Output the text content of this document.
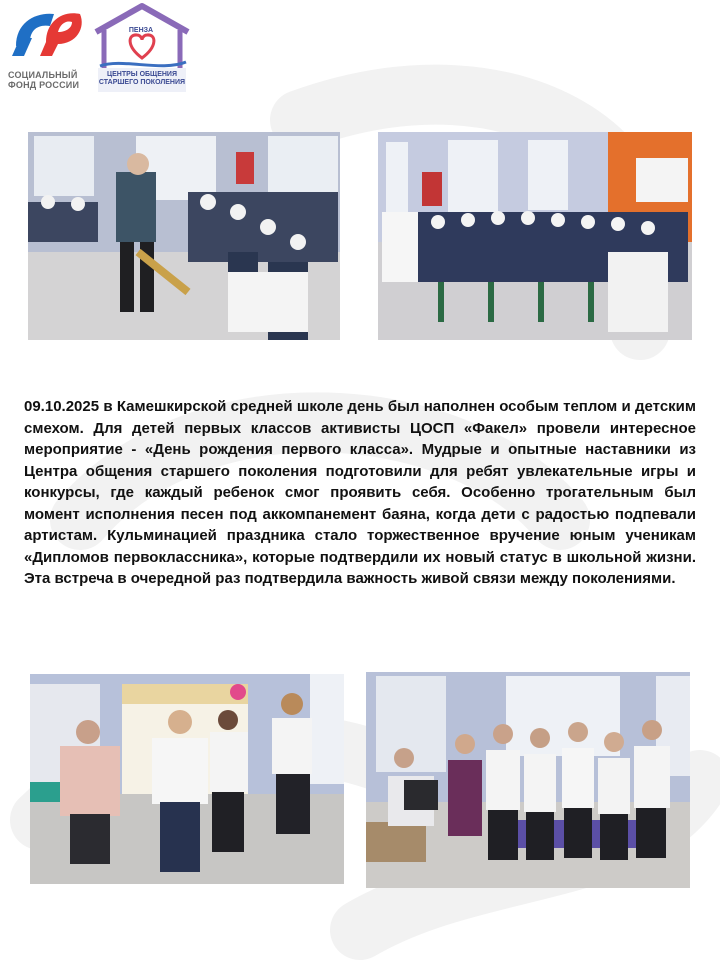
СОЦИАЛЬНЫЙ
ФОНД РОССИИ
ПЕНЗА
ЦЕНТРЫ ОБЩЕНИЯ
СТАРШЕГО ПОКОЛЕНИЯ
09.10.2025 в Камешкирской средней школе день был наполнен особым теплом и детским смехом. Для детей первых классов активисты ЦОСП «Факел» провели интересное мероприятие - «День рождения первого класса». Мудрые и опытные наставники из Центра общения старшего поколения подготовили для ребят увлекательные игры и конкурсы, где каждый ребенок смог проявить себя. Особенно трогательным был момент исполнения песен под аккомпанемент баяна, когда дети с радостью подпевали артистам. Кульминацией праздника стало торжественное вручение юным ученикам «Дипломов первоклассника», которые подтвердили их новый статус в школьной жизни. Эта встреча в очередной раз подтвердила важность живой связи между поколениями.
